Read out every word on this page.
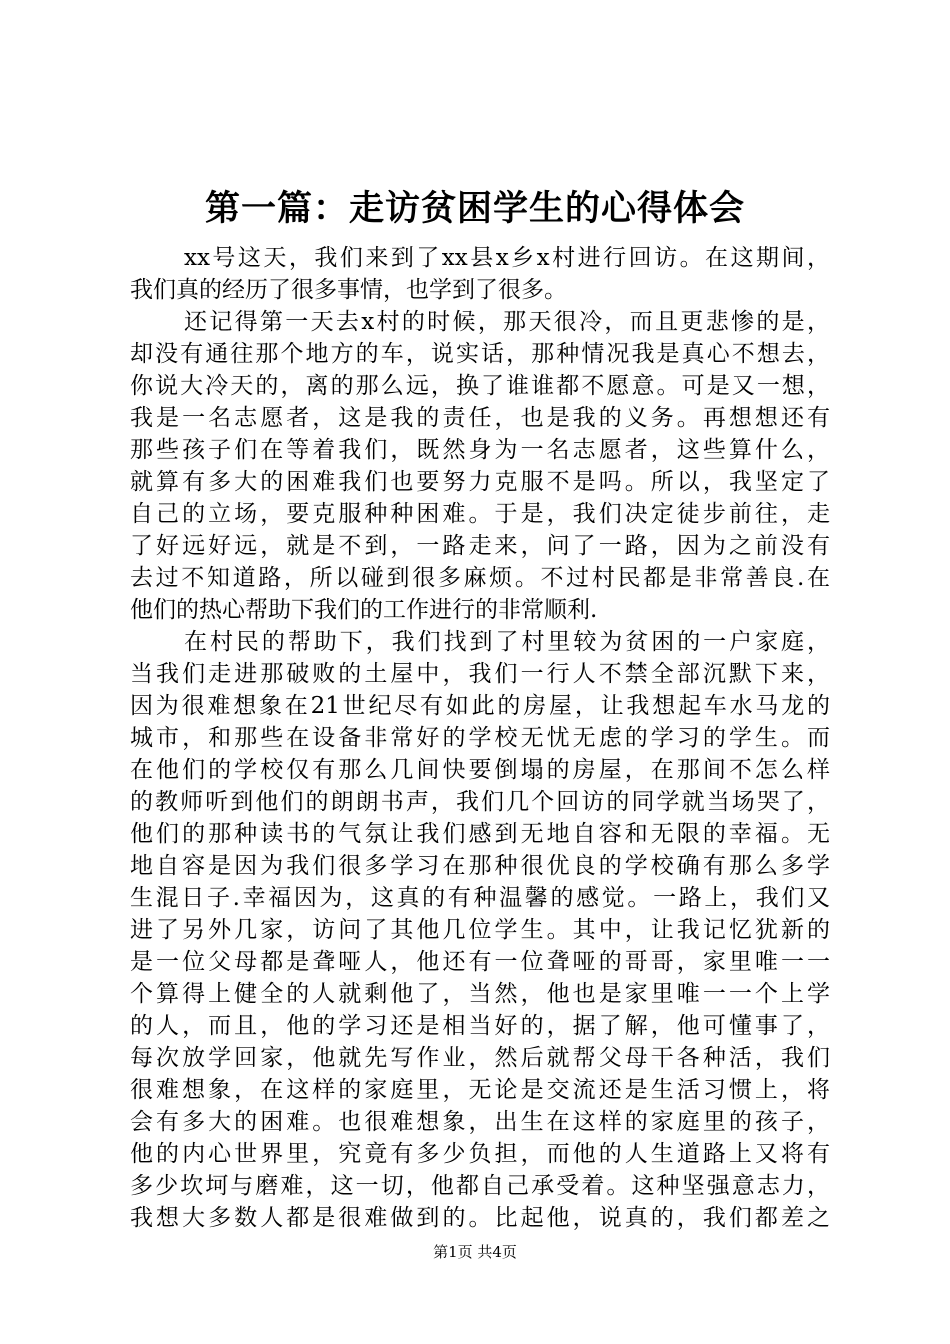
第一篇：走访贫困学生的心得体会
xx号这天，我们来到了xx县x乡x村进行回访。在这期间，
我们真的经历了很多事情，也学到了很多。
还记得第一天去x村的时候，那天很冷，而且更悲惨的是，
却没有通往那个地方的车，说实话，那种情况我是真心不想去，
你说大冷天的，离的那么远，换了谁谁都不愿意。可是又一想，
我是一名志愿者，这是我的责任，也是我的义务。再想想还有
那些孩子们在等着我们，既然身为一名志愿者，这些算什么，
就算有多大的困难我们也要努力克服不是吗。所以，我坚定了
自己的立场，要克服种种困难。于是，我们决定徒步前往，走
了好远好远，就是不到，一路走来，问了一路，因为之前没有
去过不知道路，所以碰到很多麻烦。不过村民都是非常善良.在
他们的热心帮助下我们的工作进行的非常顺利.
在村民的帮助下，我们找到了村里较为贫困的一户家庭，
当我们走进那破败的土屋中，我们一行人不禁全部沉默下来，
因为很难想象在21世纪尽有如此的房屋，让我想起车水马龙的
城市，和那些在设备非常好的学校无忧无虑的学习的学生。而
在他们的学校仅有那么几间快要倒塌的房屋，在那间不怎么样
的教师听到他们的朗朗书声，我们几个回访的同学就当场哭了，
他们的那种读书的气氛让我们感到无地自容和无限的幸福。无
地自容是因为我们很多学习在那种很优良的学校确有那么多学
生混日子.幸福因为，这真的有种温馨的感觉。一路上，我们又
进了另外几家，访问了其他几位学生。其中，让我记忆犹新的
是一位父母都是聋哑人，他还有一位聋哑的哥哥，家里唯一一
个算得上健全的人就剩他了，当然，他也是家里唯一一个上学
的人，而且，他的学习还是相当好的，据了解，他可懂事了，
每次放学回家，他就先写作业，然后就帮父母干各种活，我们
很难想象，在这样的家庭里，无论是交流还是生活习惯上，将
会有多大的困难。也很难想象，出生在这样的家庭里的孩子，
他的内心世界里，究竟有多少负担，而他的人生道路上又将有
多少坎坷与磨难，这一切，他都自己承受着。这种坚强意志力，
我想大多数人都是很难做到的。比起他，说真的，我们都差之
第1页 共4页
